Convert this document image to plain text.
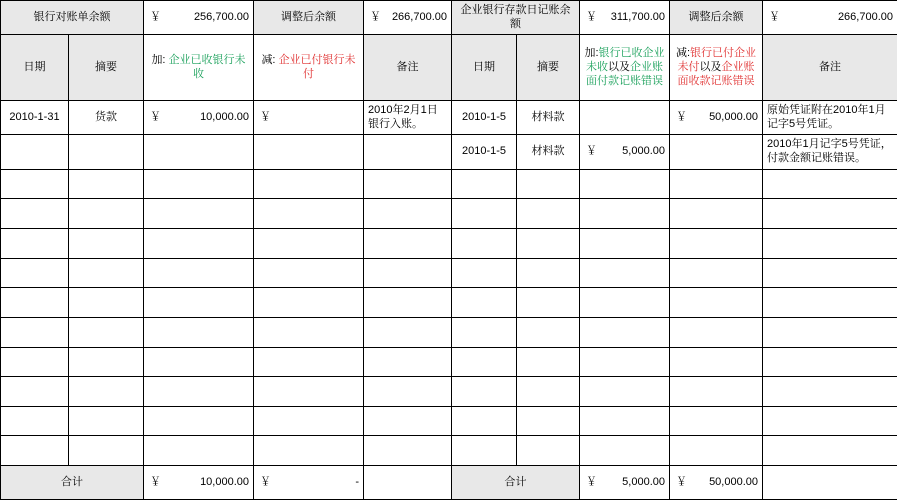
银行对账单余额		￥ 256,700.00	调整后余额	￥ 266,700.00	企业银行存款日记账余额		￥ 311,700.00	调整后余额	￥ 266,700.00
日期	摘要	加: 企业已收银行未收	减: 企业已付银行未付	备注	日期	摘要	加:银行已收企业未收以及企业账面付款记账错误	减:银行已付企业未付以及企业账面收款记账错误	备注
2010-1-31	货款	￥ 10,000.00	￥	2010年2月1日银行入账。	2010-1-5	材料款		￥ 50,000.00	原始凭证附在2010年1月记字5号凭证。
					2010-1-5	材料款	￥ 5,000.00		2010年1月记字5号凭证，付款金额记账错误。

合计		￥ 10,000.00	￥ -		合计		￥ 5,000.00	￥ 50,000.00	
